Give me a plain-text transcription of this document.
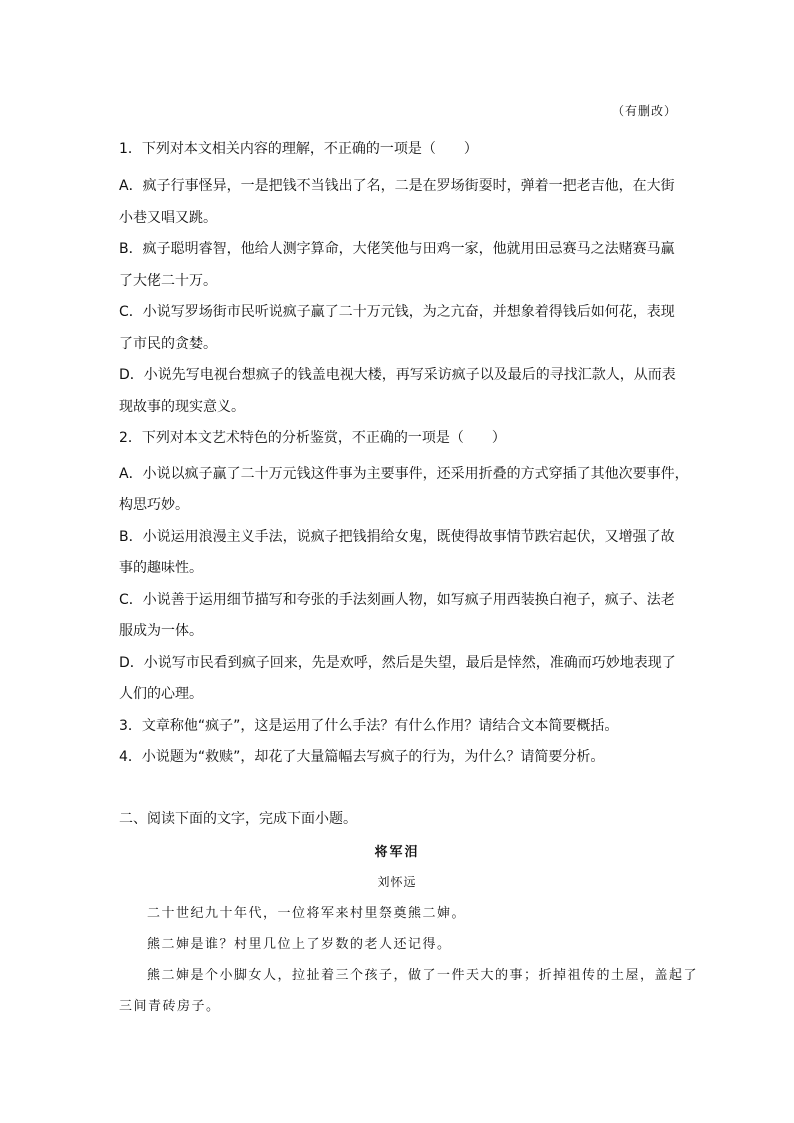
（有删改）
1．下列对本文相关内容的理解，不正确的一项是（　　）
A．疯子行事怪异，一是把钱不当钱出了名，二是在罗场街耍时，弹着一把老吉他，在大街
小巷又唱又跳。
B．疯子聪明睿智，他给人测字算命，大佬笑他与田鸡一家，他就用田忌赛马之法赌赛马赢
了大佬二十万。
C．小说写罗场街市民听说疯子赢了二十万元钱，为之亢奋，并想象着得钱后如何花，表现
了市民的贪婪。
D．小说先写电视台想疯子的钱盖电视大楼，再写采访疯子以及最后的寻找汇款人，从而表
现故事的现实意义。
2．下列对本文艺术特色的分析鉴赏，不正确的一项是（　　）
A．小说以疯子赢了二十万元钱这件事为主要事件，还采用折叠的方式穿插了其他次要事件，
构思巧妙。
B．小说运用浪漫主义手法，说疯子把钱捐给女鬼，既使得故事情节跌宕起伏，又增强了故
事的趣味性。
C．小说善于运用细节描写和夸张的手法刻画人物，如写疯子用西装换白袍子，疯子、法老
服成为一体。
D．小说写市民看到疯子回来，先是欢呼，然后是失望，最后是悻然，准确而巧妙地表现了
人们的心理。
3．文章称他“疯子”，这是运用了什么手法？有什么作用？请结合文本简要概括。
4．小说题为“救赎”，却花了大量篇幅去写疯子的行为，为什么？请简要分析。
二、阅读下面的文字，完成下面小题。
将军泪
刘怀远
二十世纪九十年代，一位将军来村里祭奠熊二婶。
熊二婶是谁？村里几位上了岁数的老人还记得。
熊二婶是个小脚女人，拉扯着三个孩子，做了一件天大的事；折掉祖传的土屋，盖起了
三间青砖房子。
